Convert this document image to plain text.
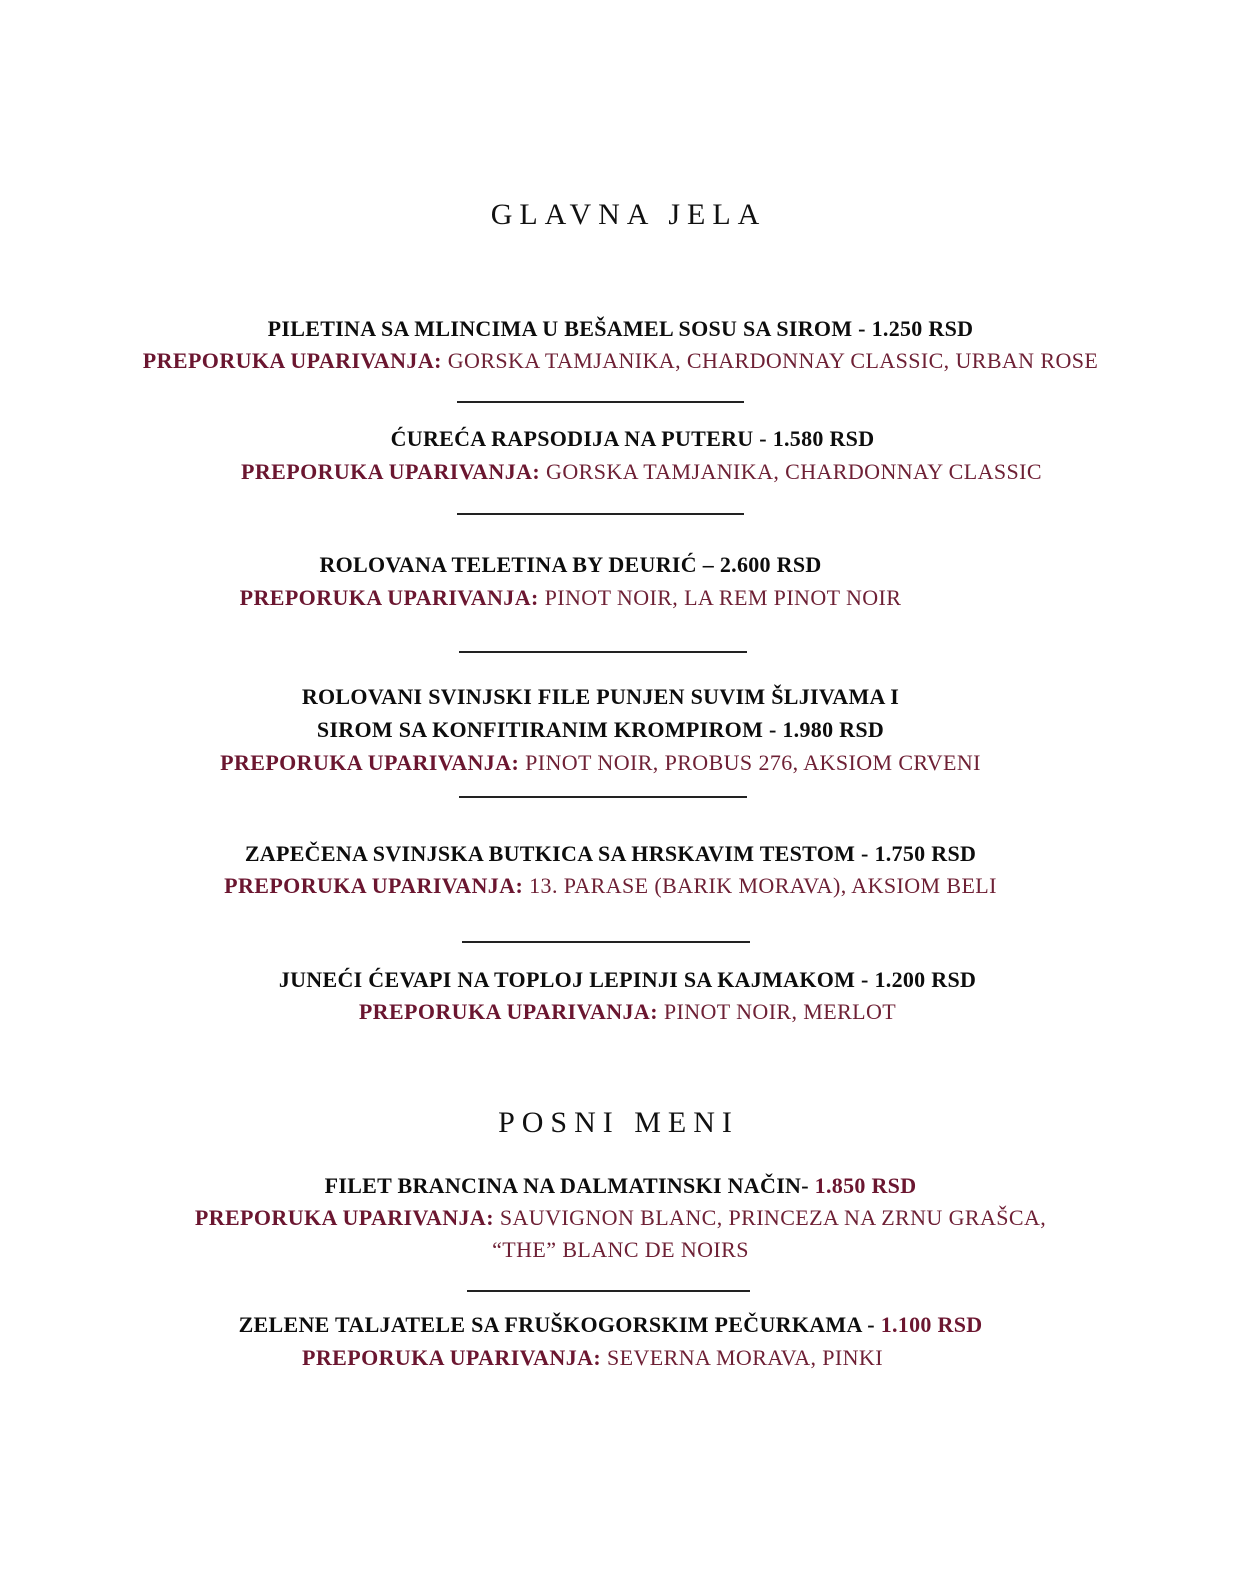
GLAVNA JELA
PILETINA SA MLINCIMA U BEŠAMEL SOSU SA SIROM - 1.250 RSD
PREPORUKA UPARIVANJA: GORSKA TAMJANIKA, CHARDONNAY CLASSIC, URBAN ROSE
ĆUREĆA RAPSODIJA NA PUTERU - 1.580 RSD
PREPORUKA UPARIVANJA: GORSKA TAMJANIKA, CHARDONNAY CLASSIC
ROLOVANA TELETINA BY DEURIĆ – 2.600 RSD
PREPORUKA UPARIVANJA: PINOT NOIR, LA REM PINOT NOIR
ROLOVANI SVINJSKI FILE PUNJEN SUVIM ŠLJIVAMA I
SIROM SA KONFITIRANIM KROMPIROM - 1.980 RSD
PREPORUKA UPARIVANJA: PINOT NOIR, PROBUS 276, AKSIOM CRVENI
ZAPEČENA SVINJSKA BUTKICA SA HRSKAVIM TESTOM - 1.750 RSD
PREPORUKA UPARIVANJA: 13. PARASE (BARIK MORAVA), AKSIOM BELI
JUNEĆI ĆEVAPI NA TOPLOJ LEPINJI SA KAJMAKOM - 1.200 RSD
PREPORUKA UPARIVANJA: PINOT NOIR, MERLOT
POSNI MENI
FILET BRANCINA NA DALMATINSKI NAČIN- 1.850 RSD
PREPORUKA UPARIVANJA: SAUVIGNON BLANC, PRINCEZA NA ZRNU GRAŠCA,
“THE” BLANC DE NOIRS
ZELENE TALJATELE SA FRUŠKOGORSKIM PEČURKAMA - 1.100 RSD
PREPORUKA UPARIVANJA: SEVERNA MORAVA, PINKI
